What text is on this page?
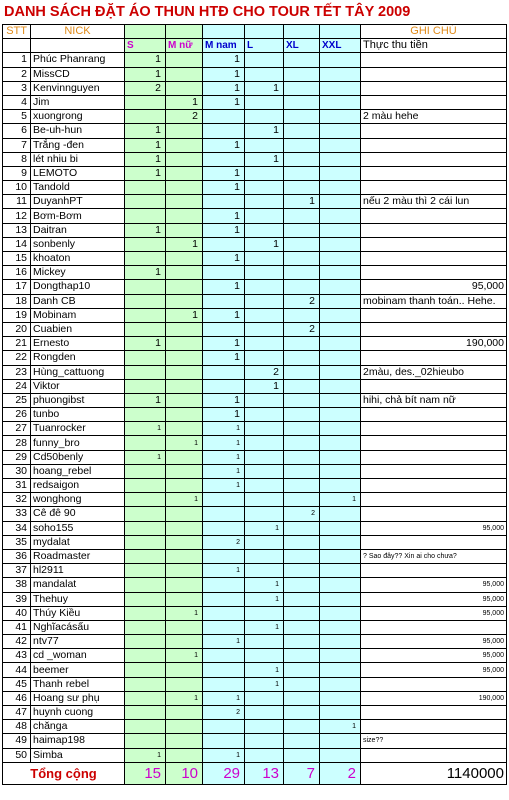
DANH SÁCH ĐẶT ÁO THUN HTĐ CHO TOUR TẾT TÂY 2009
STT	NICK							GHI CHÚ
		S	M nữ	M nam	L	XL	XXL	Thực thu tiền
1	Phúc Phanrang	1		1				
2	MissCD	1		1				
3	Kenvinnguyen	2		1	1			
4	Jim		1	1				
5	xuongrong		2					2 màu hehe
6	Be-uh-hun	1			1			
7	Trắng -đen	1		1				
8	lét nhiu bi	1			1			
9	LEMOTO	1		1				
10	Tandold			1				
11	DuyanhPT					1		nếu 2 màu thì 2 cái lun
12	Bơm-Bơm			1				
13	Daitran	1		1				
14	sonbenly		1		1			
15	khoaton			1				
16	Mickey	1						
17	Dongthap10			1				95,000
18	Danh CB					2		mobinam thanh toán.. Hehe.
19	Mobinam		1	1				
20	Cuabien					2		
21	Ernesto	1		1				190,000
22	Rongden			1				
23	Hùng_cattuong				2			2màu, des._02hieubo
24	Viktor				1			
25	phuongibst	1		1				hihi, chả bít nam nữ
26	tunbo			1				
27	Tuanrocker	1		1				
28	funny_bro		1	1				
29	Cd50benly	1		1				
30	hoang_rebel			1				
31	redsaigon			1				
32	wonghong		1				1	
33	Cê đê 90					2		
34	soho155				1			95,000
35	mydalat			2				
36	Roadmaster							? Sao đây?? Xin ai cho chưa?
37	hl2911			1				
38	mandalat				1			95,000
39	Thehuy				1			95,000
40	Thúy Kiều		1					95,000
41	Nghĩacásấu				1			
42	ntv77			1				95,000
43	cd _woman		1					95,000
44	beemer				1			95,000
45	Thanh rebel				1			
46	Hoang sư phụ		1	1				190,000
47	huynh cuong			2				
48	chănga						1	
49	haimap198							size??
50	Simba	1		1				
Tổng cộng		15	10	29	13	7	2	1140000
